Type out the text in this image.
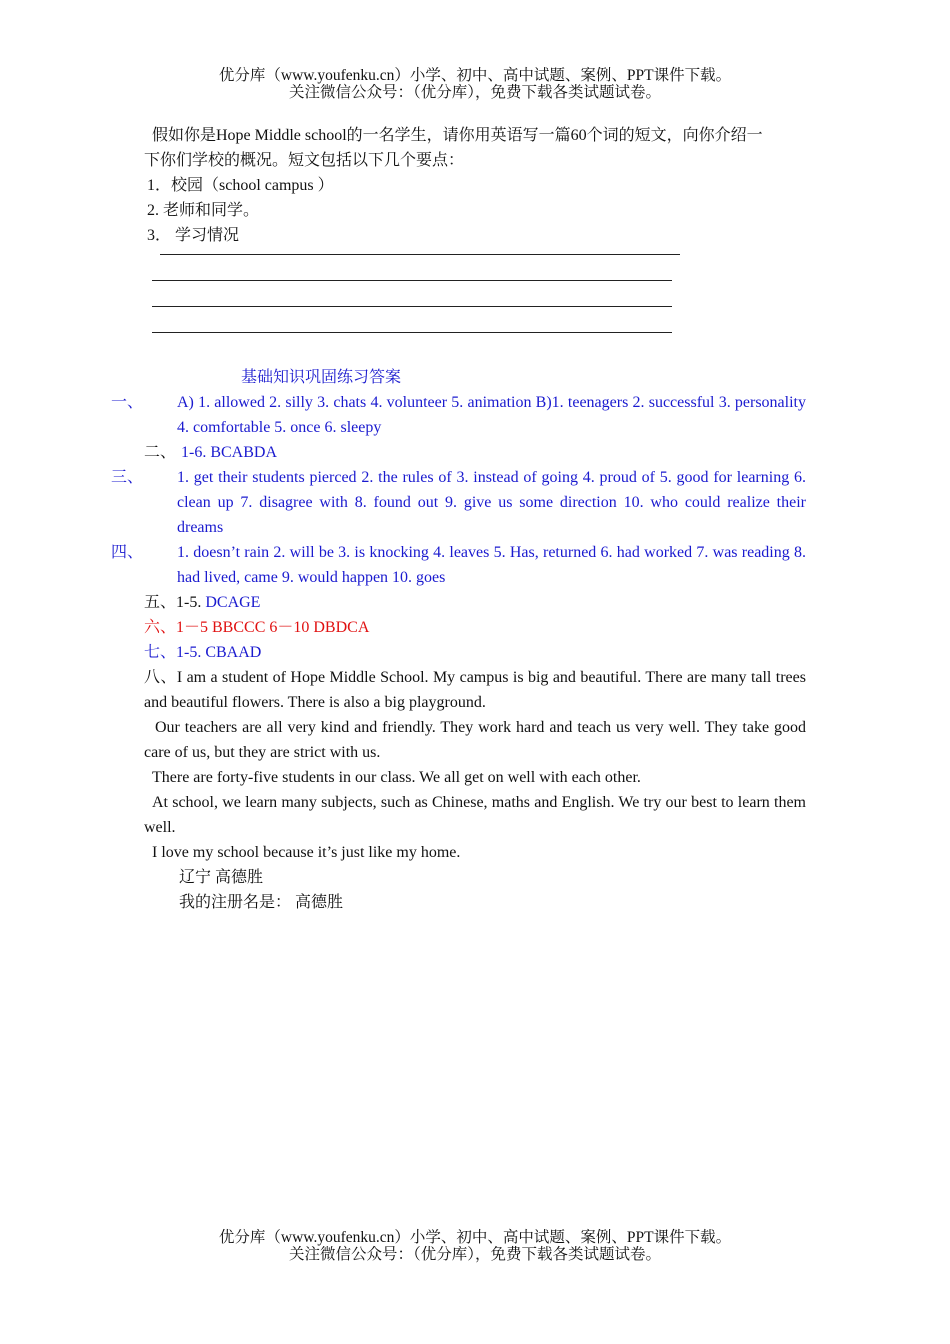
优分库（www.youfenku.cn）小学、初中、高中试题、案例、PPT课件下载。
关注微信公众号：（优分库），免费下载各类试题试卷。
假如你是Hope Middle school的一名学生，请你用英语写一篇60个词的短文，向你介绍一
下你们学校的概况。短文包括以下几个要点：
1．校园（school campus ）
2. 老师和同学。
3． 学习情况
基础知识巩固练习答案
一、 A) 1. allowed 2. silly 3. chats 4. volunteer 5. animation B)1. teenagers 2. successful 3. personality 4. comfortable 5. once 6. sleepy
二、 1-6. BCABDA
三、 1. get their students pierced 2. the rules of 3. instead of going 4. proud of 5. good for learning 6. clean up 7. disagree with 8. found out 9. give us some direction 10. who could realize their dreams
四、 1. doesn’t rain 2. will be 3. is knocking 4. leaves 5. Has, returned 6. had worked 7. was reading 8. had lived, came 9. would happen 10. goes
五、1-5. DCAGE
六、1－5 BBCCC 6－10 DBDCA
七、1-5. CBAAD
八、I am a student of Hope Middle School. My campus is big and beautiful. There are many tall trees and beautiful flowers. There is also a big playground.
Our teachers are all very kind and friendly. They work hard and teach us very well. They take good care of us, but they are strict with us.
There are forty-five students in our class. We all get on well with each other.
At school, we learn many subjects, such as Chinese, maths and English. We try our best to learn them well.
I love my school because it’s just like my home.
辽宁 高德胜
我的注册名是： 高德胜
优分库（www.youfenku.cn）小学、初中、高中试题、案例、PPT课件下载。
关注微信公众号：（优分库），免费下载各类试题试卷。
